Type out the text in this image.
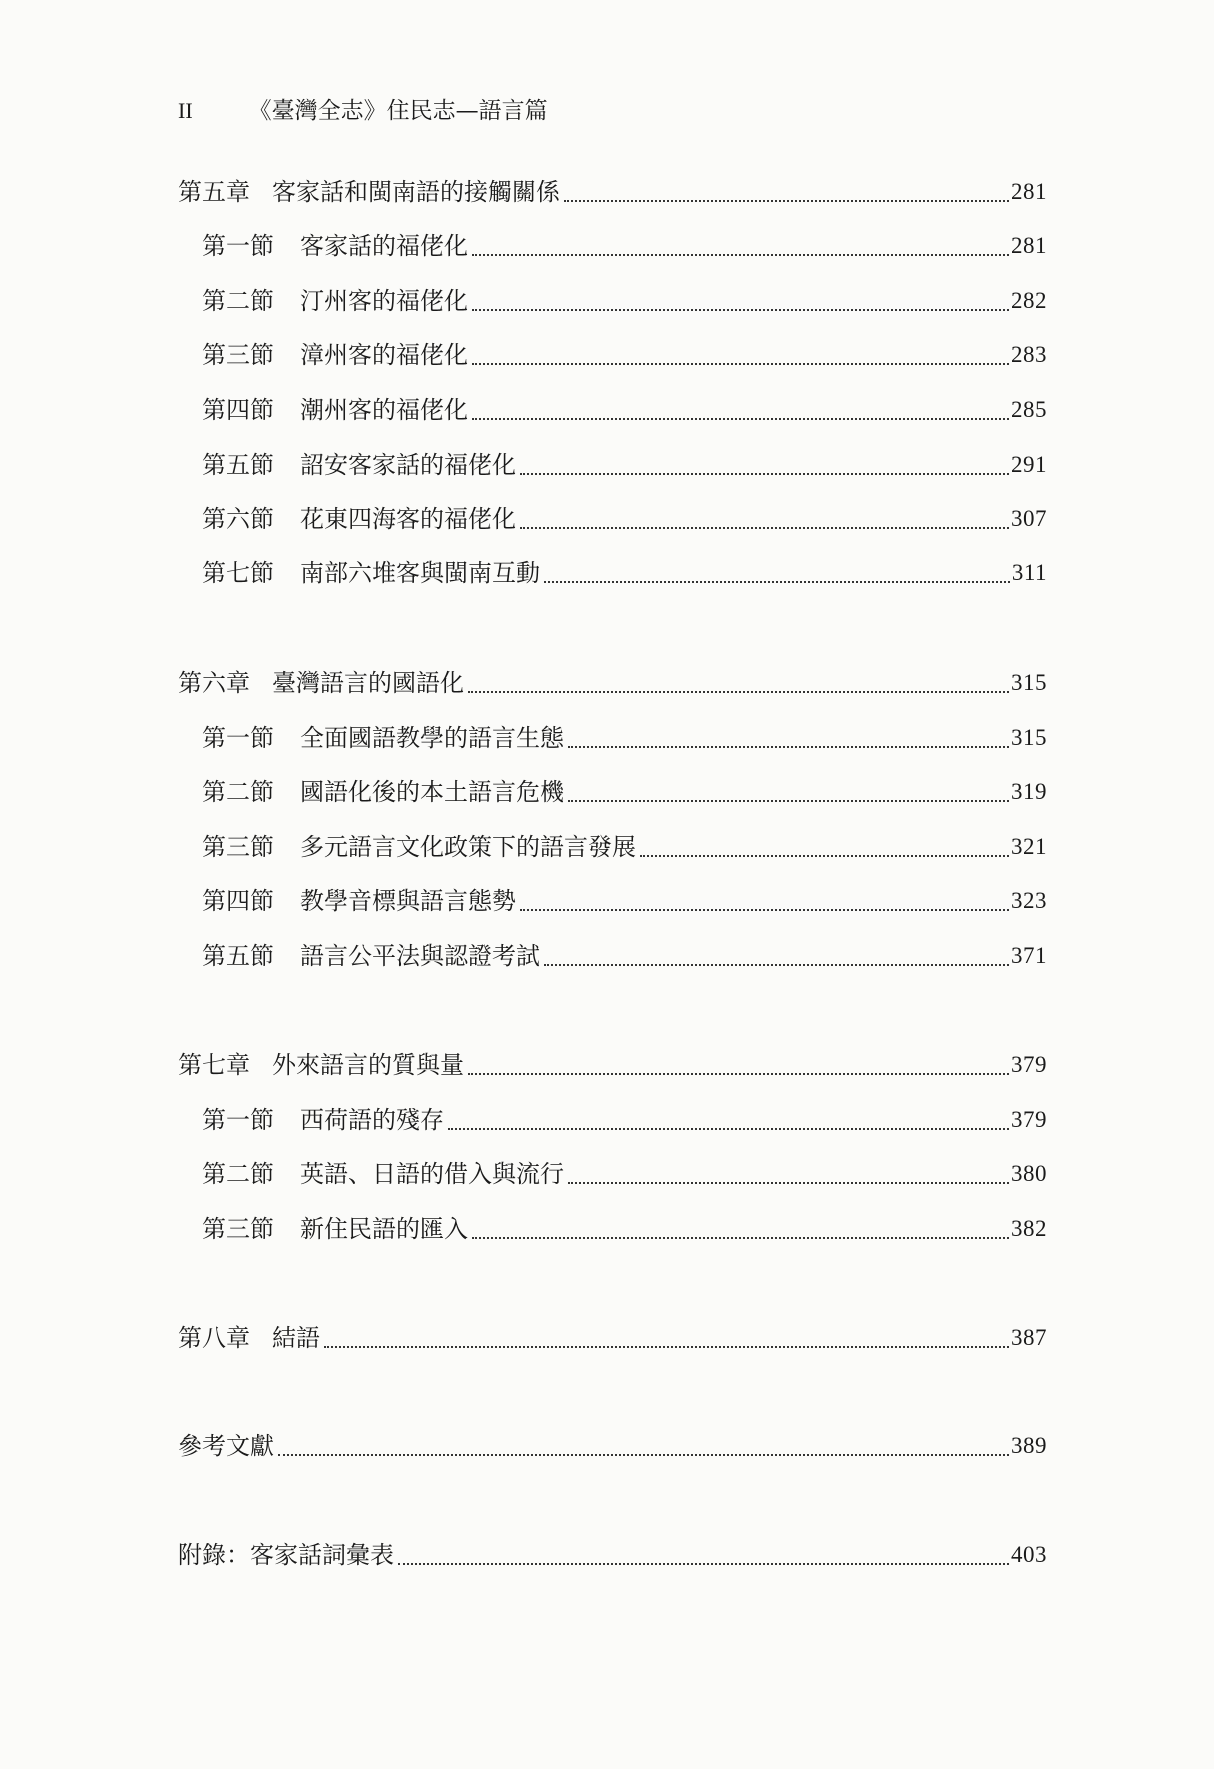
II 《臺灣全志》住民志—語言篇
第五章 客家話和閩南語的接觸關係	281
第一節 客家話的福佬化	281
第二節 汀州客的福佬化	282
第三節 漳州客的福佬化	283
第四節 潮州客的福佬化	285
第五節 詔安客家話的福佬化	291
第六節 花東四海客的福佬化	307
第七節 南部六堆客與閩南互動	311
第六章 臺灣語言的國語化	315
第一節 全面國語教學的語言生態	315
第二節 國語化後的本土語言危機	319
第三節 多元語言文化政策下的語言發展	321
第四節 教學音標與語言態勢	323
第五節 語言公平法與認證考試	371
第七章 外來語言的質與量	379
第一節 西荷語的殘存	379
第二節 英語、日語的借入與流行	380
第三節 新住民語的匯入	382
第八章 結語	387
參考文獻	389
附錄：客家話詞彙表	403
